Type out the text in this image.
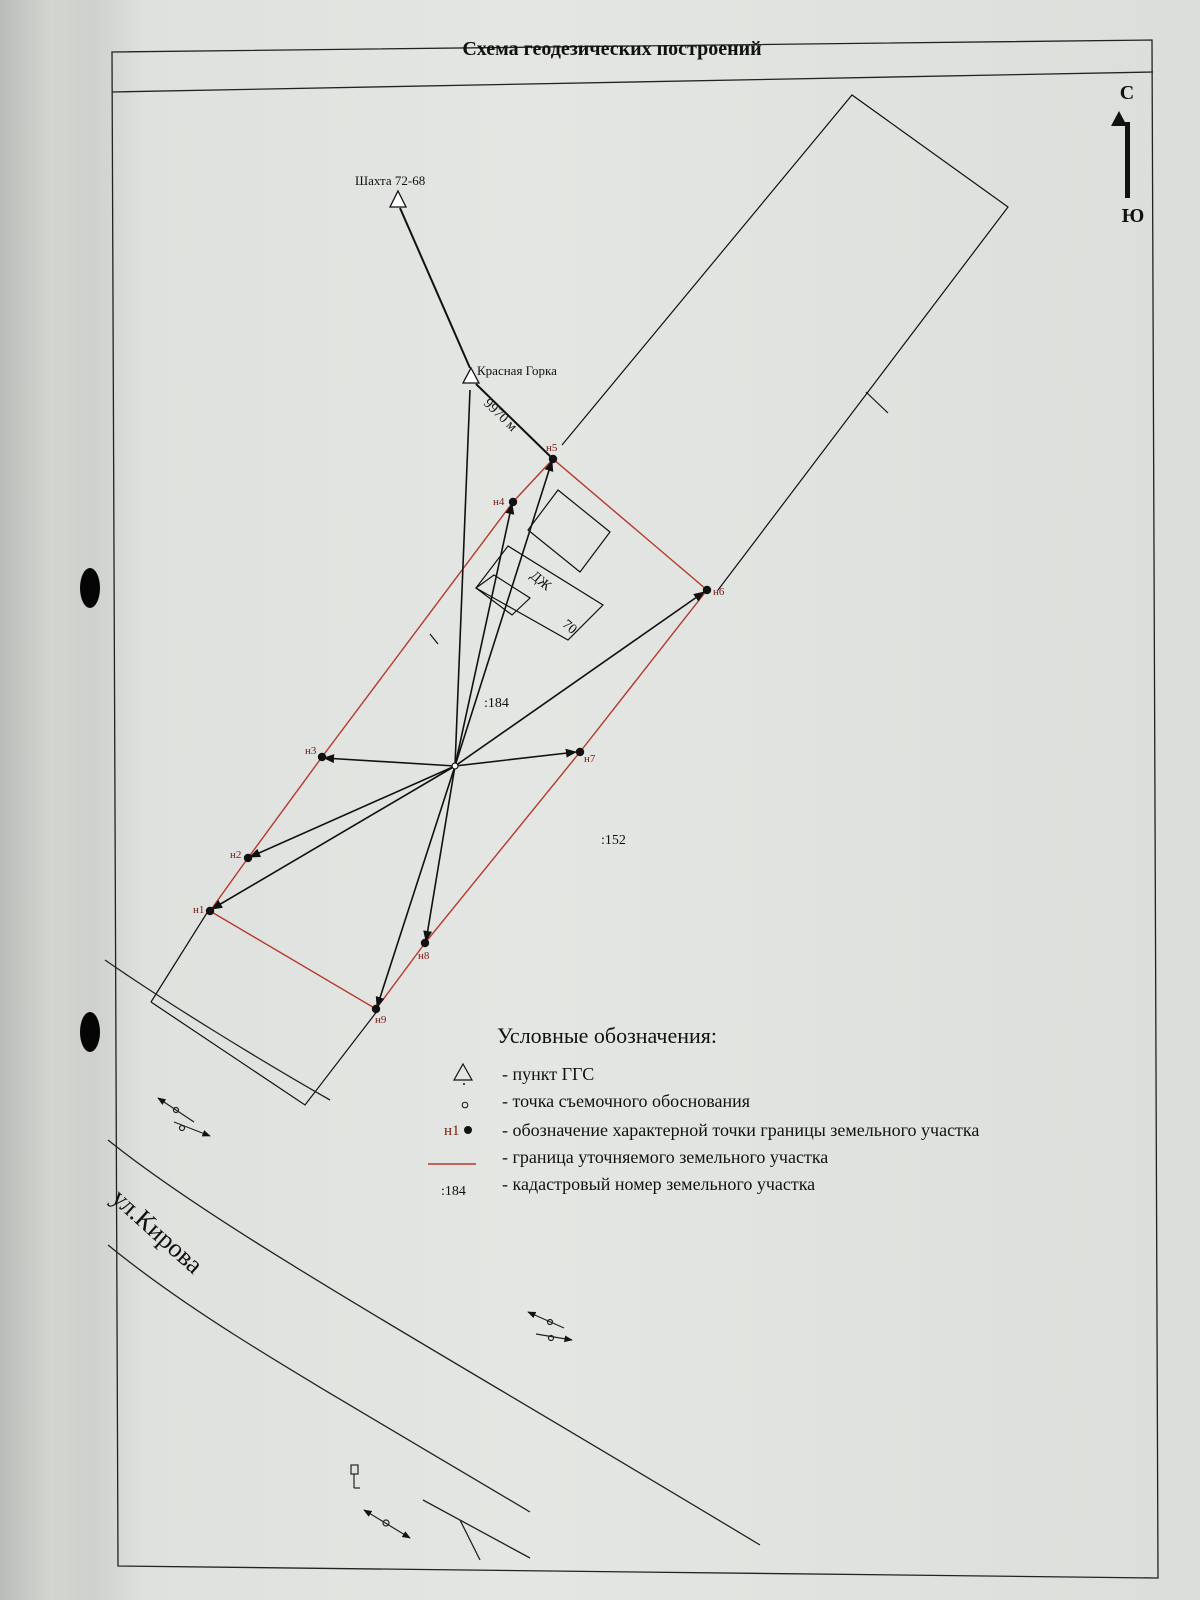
Схема геодезических построений
С
Ю
ДЖ
70
Шахта 72-68
Красная Горка
9970 м
н1
н2
н3
н4
н5
н6
н7
н8
н9
:184
:152
ул.Кирова
Условные обозначения:
- пункт ГГС
- точка съемочного обоснования
н1 - обозначение характерной точки границы земельного участка
- граница уточняемого земельного участка
:184 - кадастровый номер земельного участка
